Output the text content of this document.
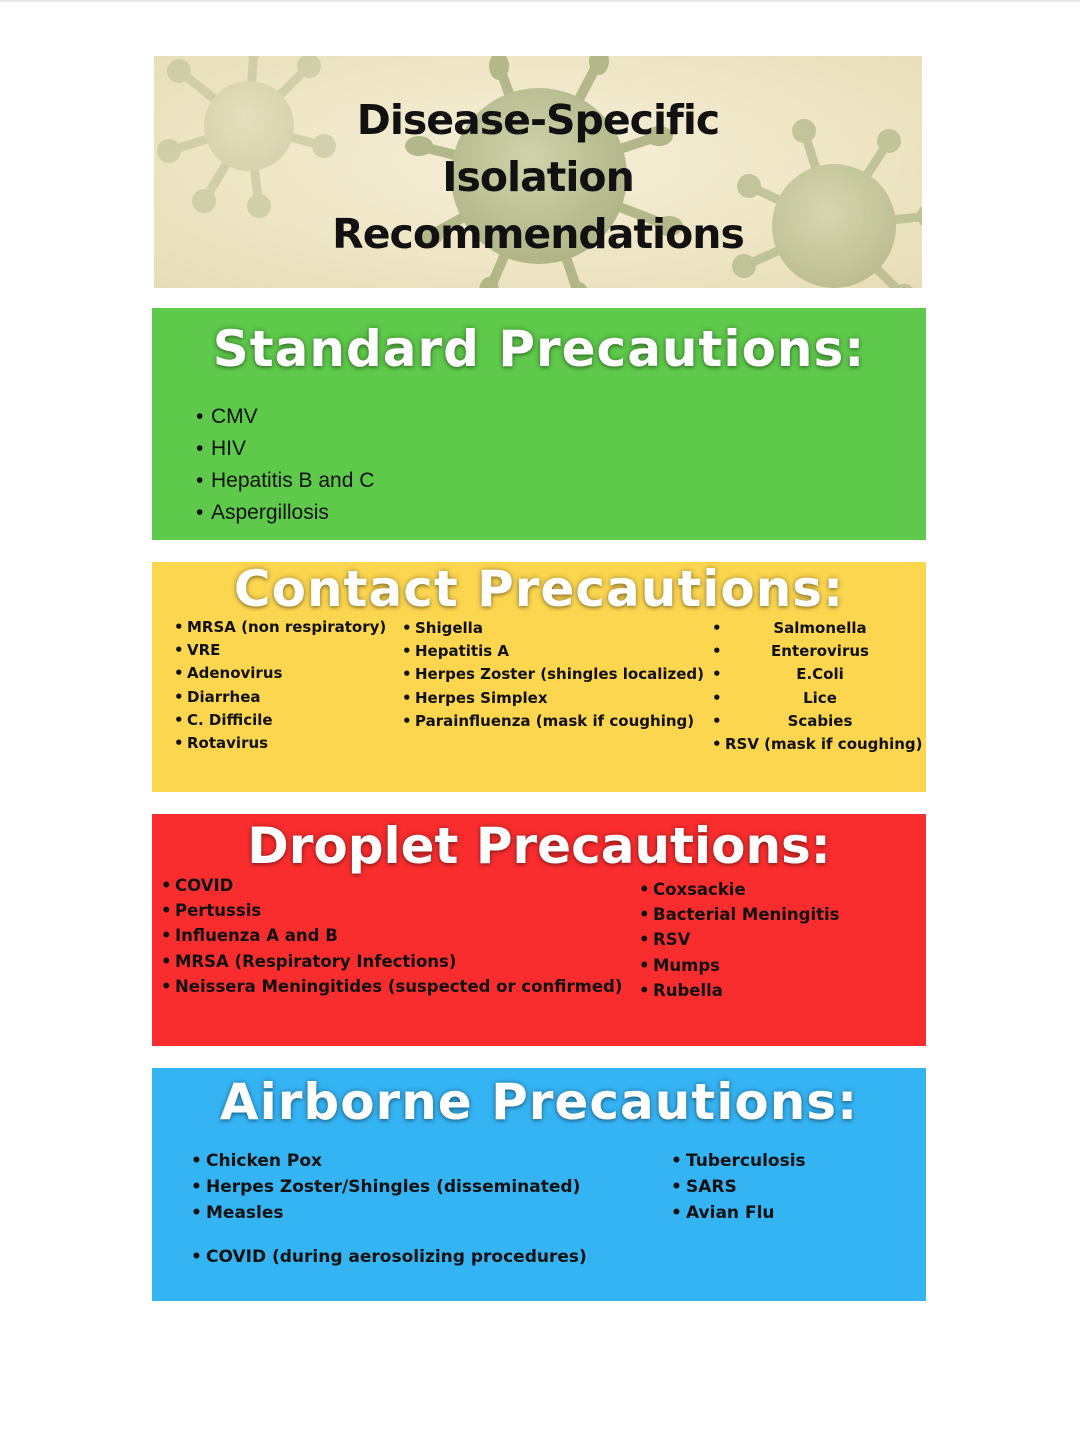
Disease-Specific
Isolation
Recommendations
Standard Precautions:
• CMV
• HIV
• Hepatitis B and C
• Aspergillosis
Contact Precautions:
• MRSA (non respiratory)
• VRE
• Adenovirus
• Diarrhea
• C. Difficile
• Rotavirus
• Shigella
• Hepatitis A
• Herpes Zoster (shingles localized)
• Herpes Simplex
• Parainfluenza (mask if coughing)
• Salmonella
• Enterovirus
• E.Coli
• Lice
• Scabies
• RSV (mask if coughing)
Droplet Precautions:
• COVID
• Pertussis
• Influenza A and B
• MRSA (Respiratory Infections)
• Neissera Meningitides (suspected or confirmed)
• Coxsackie
• Bacterial Meningitis
• RSV
• Mumps
• Rubella
Airborne Precautions:
• Chicken Pox
• Herpes Zoster/Shingles (disseminated)
• Measles
• Tuberculosis
• SARS
• Avian Flu
• COVID (during aerosolizing procedures)
